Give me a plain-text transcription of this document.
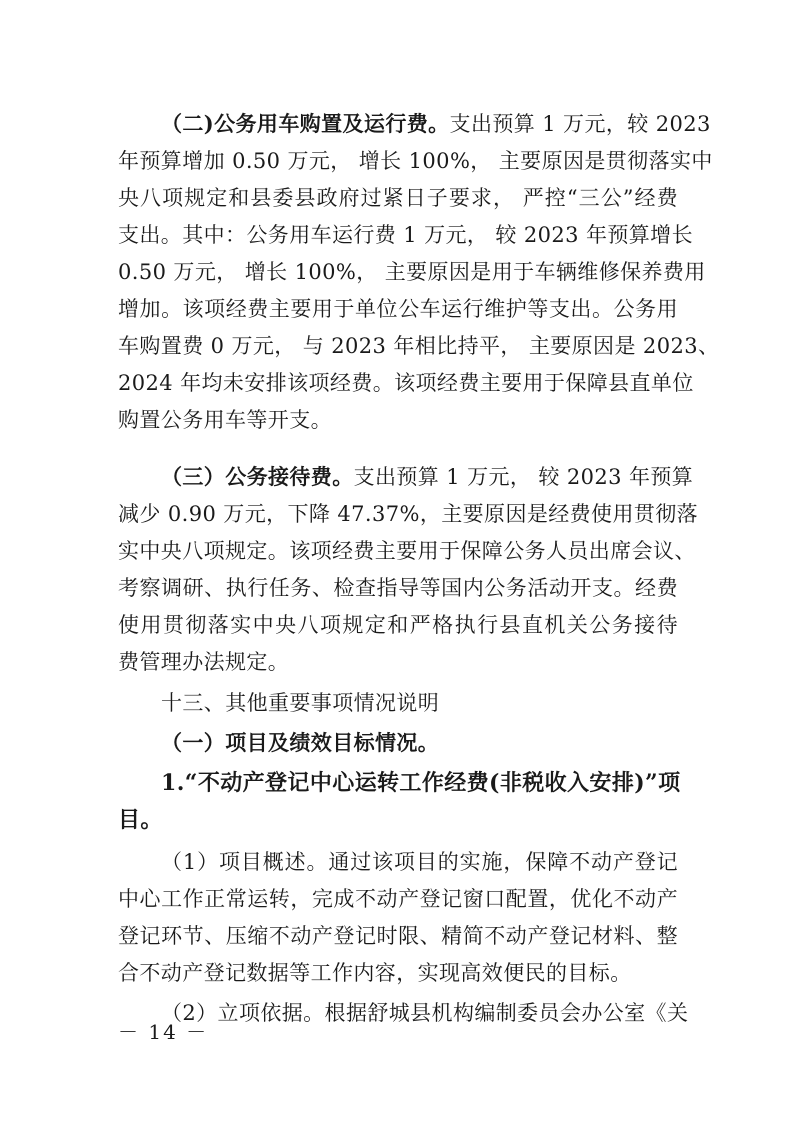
（二)公务用车购置及运行费。支出预算 1 万元，较 2023
年预算增加 0.50 万元， 增长 100%， 主要原因是贯彻落实中
央八项规定和县委县政府过紧日子要求， 严控“三公”经费
支出。其中：公务用车运行费 1 万元， 较 2023 年预算增长
0.50 万元， 增长 100%， 主要原因是用于车辆维修保养费用
增加。该项经费主要用于单位公车运行维护等支出。公务用
车购置费 0 万元， 与 2023 年相比持平， 主要原因是 2023、
2024 年均未安排该项经费。该项经费主要用于保障县直单位
购置公务用车等开支。
（三）公务接待费。支出预算 1 万元， 较 2023 年预算
减少 0.90 万元，下降 47.37%，主要原因是经费使用贯彻落
实中央八项规定。该项经费主要用于保障公务人员出席会议、
考察调研、执行任务、检查指导等国内公务活动开支。经费
使用贯彻落实中央八项规定和严格执行县直机关公务接待
费管理办法规定。
十三、其他重要事项情况说明
（一）项目及绩效目标情况。
1.“不动产登记中心运转工作经费(非税收入安排)”项
目。
（1）项目概述。通过该项目的实施，保障不动产登记
中心工作正常运转，完成不动产登记窗口配置，优化不动产
登记环节、压缩不动产登记时限、精简不动产登记材料、整
合不动产登记数据等工作内容，实现高效便民的目标。
（2）立项依据。根据舒城县机构编制委员会办公室《关
－ 14 －
